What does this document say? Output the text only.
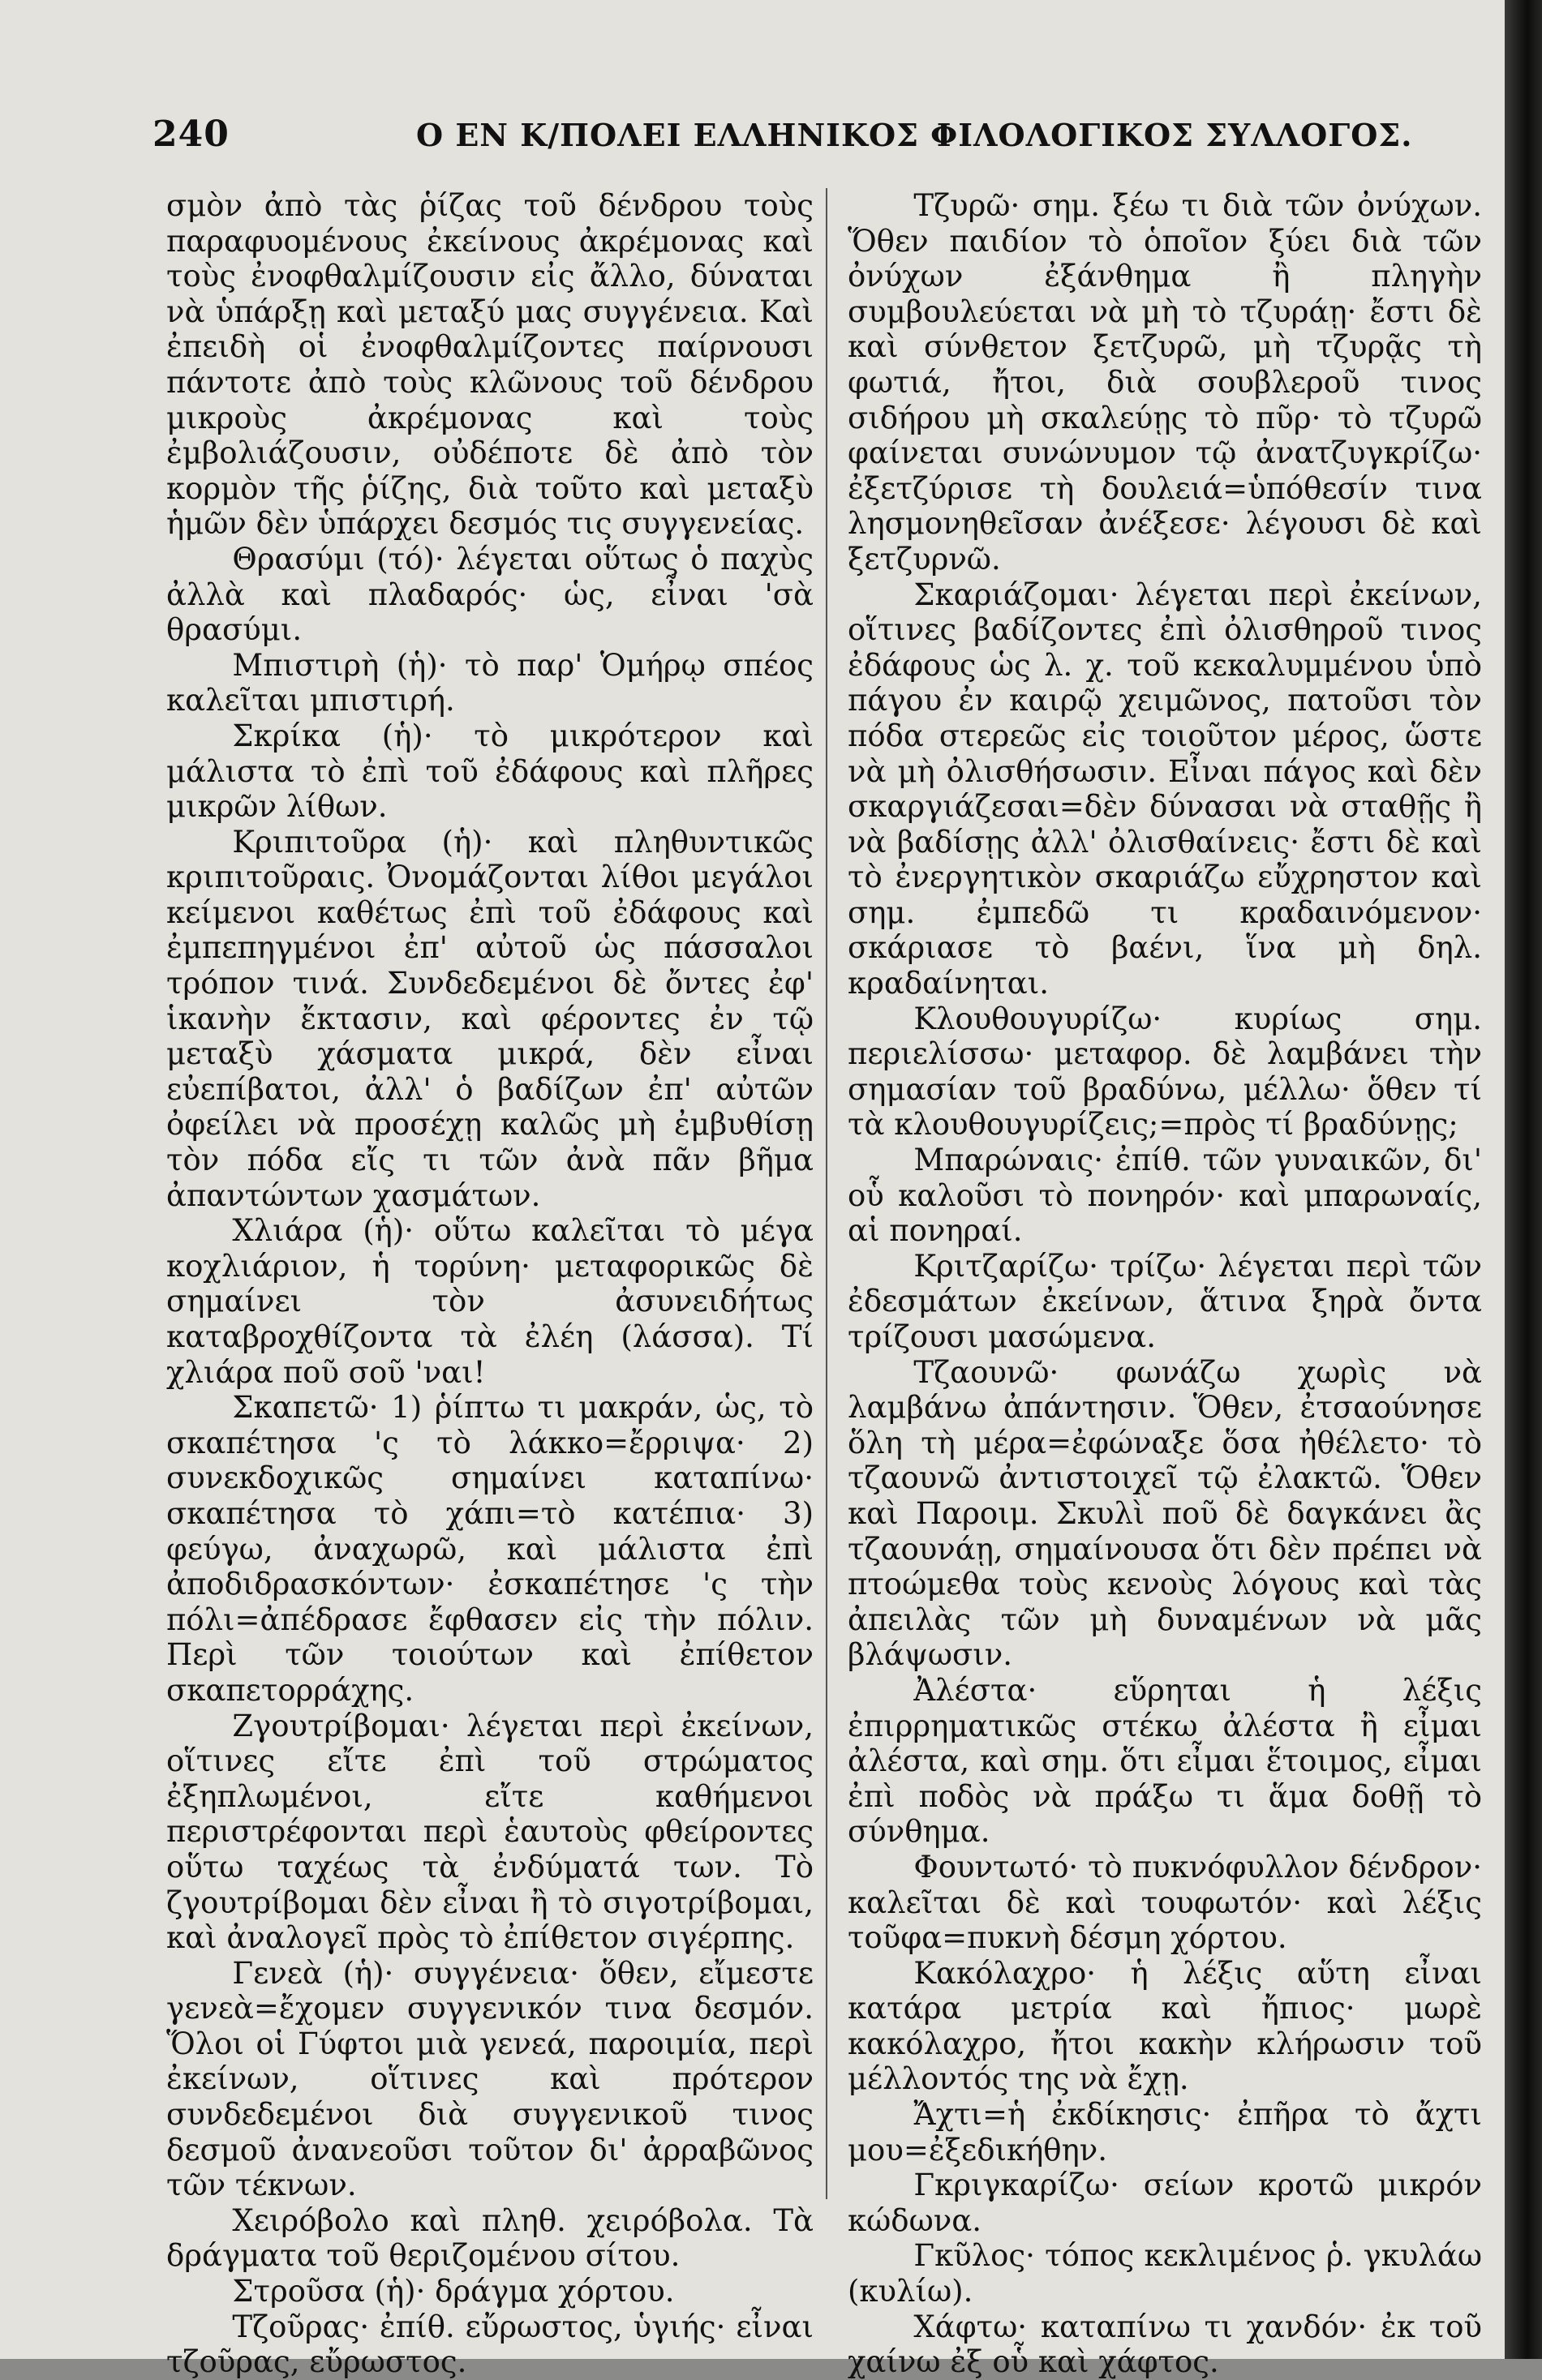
240	Ο ΕΝ Κ/ΠΟΛΕΙ ΕΛΛΗΝΙΚΟΣ ΦΙΛΟΛΟΓΙΚΟΣ ΣΥΛΛΟΓΟΣ.

σμὸν ἀπὸ τὰς ῥίζας τοῦ δένδρου τοὺς παραφυομένους ἐκείνους ἀκρέμονας καὶ τοὺς ἐνοφθαλμίζουσιν εἰς ἄλλο, δύναται νὰ ὑπάρξῃ καὶ μεταξύ μας συγγένεια. Καὶ ἐπειδὴ οἱ ἐνοφθαλμίζοντες παίρνουσι πάντοτε ἀπὸ τοὺς κλῶνους τοῦ δένδρου μικροὺς ἀκρέμονας καὶ τοὺς ἐμβολιάζουσιν, οὐδέποτε δὲ ἀπὸ τὸν κορμὸν τῆς ῥίζης, διὰ τοῦτο καὶ μεταξὺ ἡμῶν δὲν ὑπάρχει δεσμός τις συγγενείας.

Θρασύμι (τό)· λέγεται οὕτως ὁ παχὺς ἀλλὰ καὶ πλαδαρός· ὡς, εἶναι 'σὰ θρασύμι.

Μπιστιρὴ (ἡ)· τὸ παρ' Ὁμήρῳ σπέος καλεῖται μπιστιρή.

Σκρίκα (ἡ)· τὸ μικρότερον καὶ μάλιστα τὸ ἐπὶ τοῦ ἐδάφους καὶ πλῆρες μικρῶν λίθων.

Κριπιτοῦρα (ἡ)· καὶ πληθυντικῶς κριπιτοῦραις. Ὀνομάζονται λίθοι μεγάλοι κείμενοι καθέτως ἐπὶ τοῦ ἐδάφους καὶ ἐμπεπηγμένοι ἐπ' αὐτοῦ ὡς πάσσαλοι τρόπον τινά. Συνδεδεμένοι δὲ ὄντες ἐφ' ἱκανὴν ἔκτασιν, καὶ φέροντες ἐν τῷ μεταξὺ χάσματα μικρά, δὲν εἶναι εὐεπίβατοι, ἀλλ' ὁ βαδίζων ἐπ' αὐτῶν ὀφείλει νὰ προσέχῃ καλῶς μὴ ἐμβυθίσῃ τὸν πόδα εἴς τι τῶν ἀνὰ πᾶν βῆμα ἀπαντώντων χασμάτων.

Χλιάρα (ἡ)· οὕτω καλεῖται τὸ μέγα κοχλιάριον, ἡ τορύνη· μεταφορικῶς δὲ σημαίνει τὸν ἀσυνειδήτως καταβροχθίζοντα τὰ ἐλέη (λάσσα). Τί χλιάρα ποῦ σοῦ 'ναι!

Σκαπετῶ· 1) ῥίπτω τι μακράν, ὡς, τὸ σκαπέτησα 'ς τὸ λάκκο=ἔρριψα· 2) συνεκδοχικῶς σημαίνει καταπίνω· σκαπέτησα τὸ χάπι=τὸ κατέπια· 3) φεύγω, ἀναχωρῶ, καὶ μάλιστα ἐπὶ ἀποδιδρασκόντων· ἐσκαπέτησε 'ς τὴν πόλι=ἀπέδρασε ἔφθασεν εἰς τὴν πόλιν. Περὶ τῶν τοιούτων καὶ ἐπίθετον σκαπετορράχης.

Ζγουτρίβομαι· λέγεται περὶ ἐκείνων, οἵτινες εἴτε ἐπὶ τοῦ στρώματος ἐξηπλωμένοι, εἴτε καθήμενοι περιστρέφονται περὶ ἑαυτοὺς φθείροντες οὕτω ταχέως τὰ ἐνδύματά των. Τὸ ζγουτρίβομαι δὲν εἶναι ἢ τὸ σιγοτρίβομαι, καὶ ἀναλογεῖ πρὸς τὸ ἐπίθετον σιγέρπης.

Γενεὰ (ἡ)· συγγένεια· ὅθεν, εἴμεστε γενεὰ=ἔχομεν συγγενικόν τινα δεσμόν. Ὅλοι οἱ Γύφτοι μιὰ γενεά, παροιμία, περὶ ἐκείνων, οἵτινες καὶ πρότερον συνδεδεμένοι διὰ συγγενικοῦ τινος δεσμοῦ ἀνανεοῦσι τοῦτον δι' ἀρραβῶνος τῶν τέκνων.

Χειρόβολο καὶ πληθ. χειρόβολα. Τὰ δράγματα τοῦ θεριζομένου σίτου.

Στροῦσα (ἡ)· δράγμα χόρτου.

Τζοῦρας· ἐπίθ. εὔρωστος, ὑγιής· εἶναι τζοῦρας, εὔρωστος.

Τζυρῶ· σημ. ξέω τι διὰ τῶν ὀνύχων. Ὅθεν παιδίον τὸ ὁποῖον ξύει διὰ τῶν ὀνύχων ἐξάνθημα ἢ πληγὴν συμβουλεύεται νὰ μὴ τὸ τζυράῃ· ἔστι δὲ καὶ σύνθετον ξετζυρῶ, μὴ τζυρᾷς τὴ φωτιά, ἤτοι, διὰ σουβλεροῦ τινος σιδήρου μὴ σκαλεύῃς τὸ πῦρ· τὸ τζυρῶ φαίνεται συνώνυμον τῷ ἀνατζυγκρίζω· ἐξετζύρισε τὴ δουλειά=ὑπόθεσίν τινα λησμονηθεῖσαν ἀνέξεσε· λέγουσι δὲ καὶ ξετζυρνῶ.

Σκαριάζομαι· λέγεται περὶ ἐκείνων, οἵτινες βαδίζοντες ἐπὶ ὀλισθηροῦ τινος ἐδάφους ὡς λ. χ. τοῦ κεκαλυμμένου ὑπὸ πάγου ἐν καιρῷ χειμῶνος, πατοῦσι τὸν πόδα στερεῶς εἰς τοιοῦτον μέρος, ὥστε νὰ μὴ ὀλισθήσωσιν. Εἶναι πάγος καὶ δὲν σκαργιάζεσαι=δὲν δύνασαι νὰ σταθῇς ἢ νὰ βαδίσῃς ἀλλ' ὀλισθαίνεις· ἔστι δὲ καὶ τὸ ἐνεργητικὸν σκαριάζω εὔχρηστον καὶ σημ. ἐμπεδῶ τι κραδαινόμενον· σκάριασε τὸ βαένι, ἵνα μὴ δηλ. κραδαίνηται.

Κλουθουγυρίζω· κυρίως σημ. περιελίσσω· μεταφορ. δὲ λαμβάνει τὴν σημασίαν τοῦ βραδύνω, μέλλω· ὅθεν τί τὰ κλουθουγυρίζεις;=πρὸς τί βραδύνῃς;

Μπαρώναις· ἐπίθ. τῶν γυναικῶν, δι' οὗ καλοῦσι τὸ πονηρόν· καὶ μπαρωναίς, αἱ πονηραί.

Κριτζαρίζω· τρίζω· λέγεται περὶ τῶν ἐδεσμάτων ἐκείνων, ἅτινα ξηρὰ ὄντα τρίζουσι μασώμενα.

Τζαουνῶ· φωνάζω χωρὶς νὰ λαμβάνω ἀπάντησιν. Ὅθεν, ἐτσαούνησε ὅλη τὴ μέρα=ἐφώναξε ὅσα ἠθέλετο· τὸ τζαουνῶ ἀντιστοιχεῖ τῷ ἐλακτῶ. Ὅθεν καὶ Παροιμ. Σκυλὶ ποῦ δὲ δαγκάνει ἂς τζαουνάῃ, σημαίνουσα ὅτι δὲν πρέπει νὰ πτοώμεθα τοὺς κενοὺς λόγους καὶ τὰς ἀπειλὰς τῶν μὴ δυναμένων νὰ μᾶς βλάψωσιν.

Ἀλέστα· εὕρηται ἡ λέξις ἐπιρρηματικῶς στέκω ἀλέστα ἢ εἶμαι ἀλέστα, καὶ σημ. ὅτι εἶμαι ἕτοιμος, εἶμαι ἐπὶ ποδὸς νὰ πράξω τι ἅμα δοθῇ τὸ σύνθημα.

Φουντωτό· τὸ πυκνόφυλλον δένδρον· καλεῖται δὲ καὶ τουφωτόν· καὶ λέξις τοῦφα=πυκνὴ δέσμη χόρτου.

Κακόλαχρο· ἡ λέξις αὕτη εἶναι κατάρα μετρία καὶ ἤπιος· μωρὲ κακόλαχρο, ἤτοι κακὴν κλήρωσιν τοῦ μέλλοντός της νὰ ἔχῃ.

Ἄχτι=ἡ ἐκδίκησις· ἐπῆρα τὸ ἄχτι μου=ἐξεδικήθην.

Γκριγκαρίζω· σείων κροτῶ μικρόν κώδωνα.

Γκῦλος· τόπος κεκλιμένος ῥ. γκυλάω (κυλίω).

Χάφτω· καταπίνω τι χανδόν· ἐκ τοῦ χαίνω ἐξ οὗ καὶ χάφτος.
